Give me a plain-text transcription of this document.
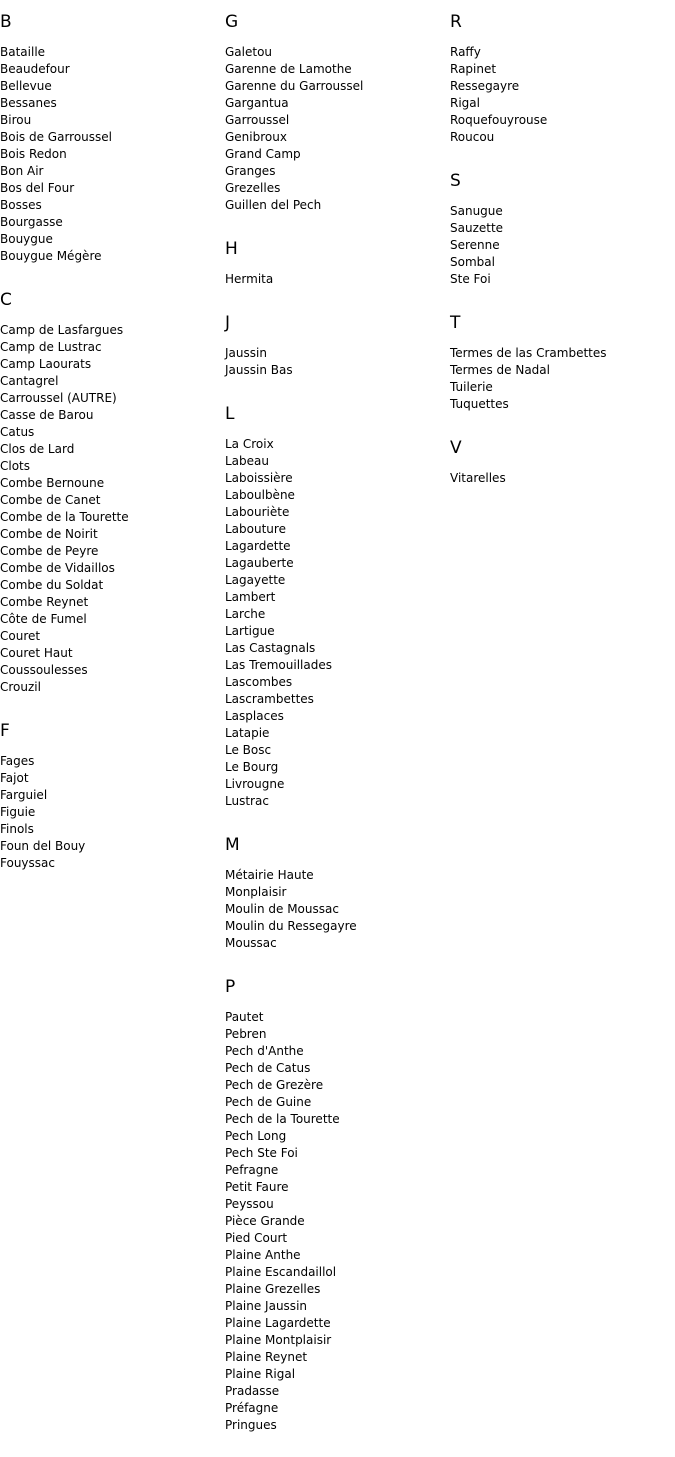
B
Bataille
Beaudefour
Bellevue
Bessanes
Birou
Bois de Garroussel
Bois Redon
Bon Air
Bos del Four
Bosses
Bourgasse
Bouygue
Bouygue Mégère
C
Camp de Lasfargues
Camp de Lustrac
Camp Laourats
Cantagrel
Carroussel (AUTRE)
Casse de Barou
Catus
Clos de Lard
Clots
Combe Bernoune
Combe de Canet
Combe de la Tourette
Combe de Noirit
Combe de Peyre
Combe de Vidaillos
Combe du Soldat
Combe Reynet
Côte de Fumel
Couret
Couret Haut
Coussoulesses
Crouzil
F
Fages
Fajot
Farguiel
Figuie
Finols
Foun del Bouy
Fouyssac
G
Galetou
Garenne de Lamothe
Garenne du Garroussel
Gargantua
Garroussel
Genibroux
Grand Camp
Granges
Grezelles
Guillen del Pech
H
Hermita
J
Jaussin
Jaussin Bas
L
La Croix
Labeau
Laboissière
Laboulbène
Labouriète
Labouture
Lagardette
Lagauberte
Lagayette
Lambert
Larche
Lartigue
Las Castagnals
Las Tremouillades
Lascombes
Lascrambettes
Lasplaces
Latapie
Le Bosc
Le Bourg
Livrougne
Lustrac
M
Métairie Haute
Monplaisir
Moulin de Moussac
Moulin du Ressegayre
Moussac
P
Pautet
Pebren
Pech d'Anthe
Pech de Catus
Pech de Grezère
Pech de Guine
Pech de la Tourette
Pech Long
Pech Ste Foi
Pefragne
Petit Faure
Peyssou
Pièce Grande
Pied Court
Plaine Anthe
Plaine Escandaillol
Plaine Grezelles
Plaine Jaussin
Plaine Lagardette
Plaine Montplaisir
Plaine Reynet
Plaine Rigal
Pradasse
Préfagne
Pringues
R
Raffy
Rapinet
Ressegayre
Rigal
Roquefouyrouse
Roucou
S
Sanugue
Sauzette
Serenne
Sombal
Ste Foi
T
Termes de las Crambettes
Termes de Nadal
Tuilerie
Tuquettes
V
Vitarelles
